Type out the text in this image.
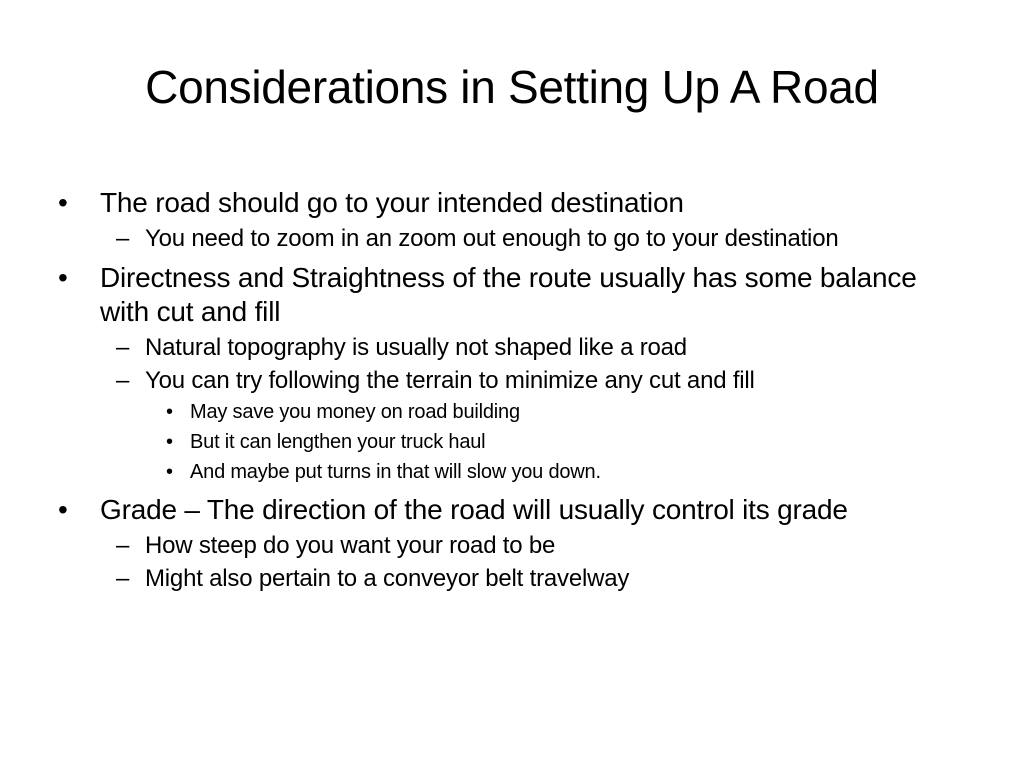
Considerations in Setting Up A Road
• The road should go to your intended destination
– You need to zoom in an zoom out enough to go to your destination
• Directness and Straightness of the route usually has some balance with cut and fill
– Natural topography is usually not shaped like a road
– You can try following the terrain to minimize any cut and fill
• May save you money on road building
• But it can lengthen your truck haul
• And maybe put turns in that will slow you down.
• Grade – The direction of the road will usually control its grade
– How steep do you want your road to be
– Might also pertain to a conveyor belt travelway
